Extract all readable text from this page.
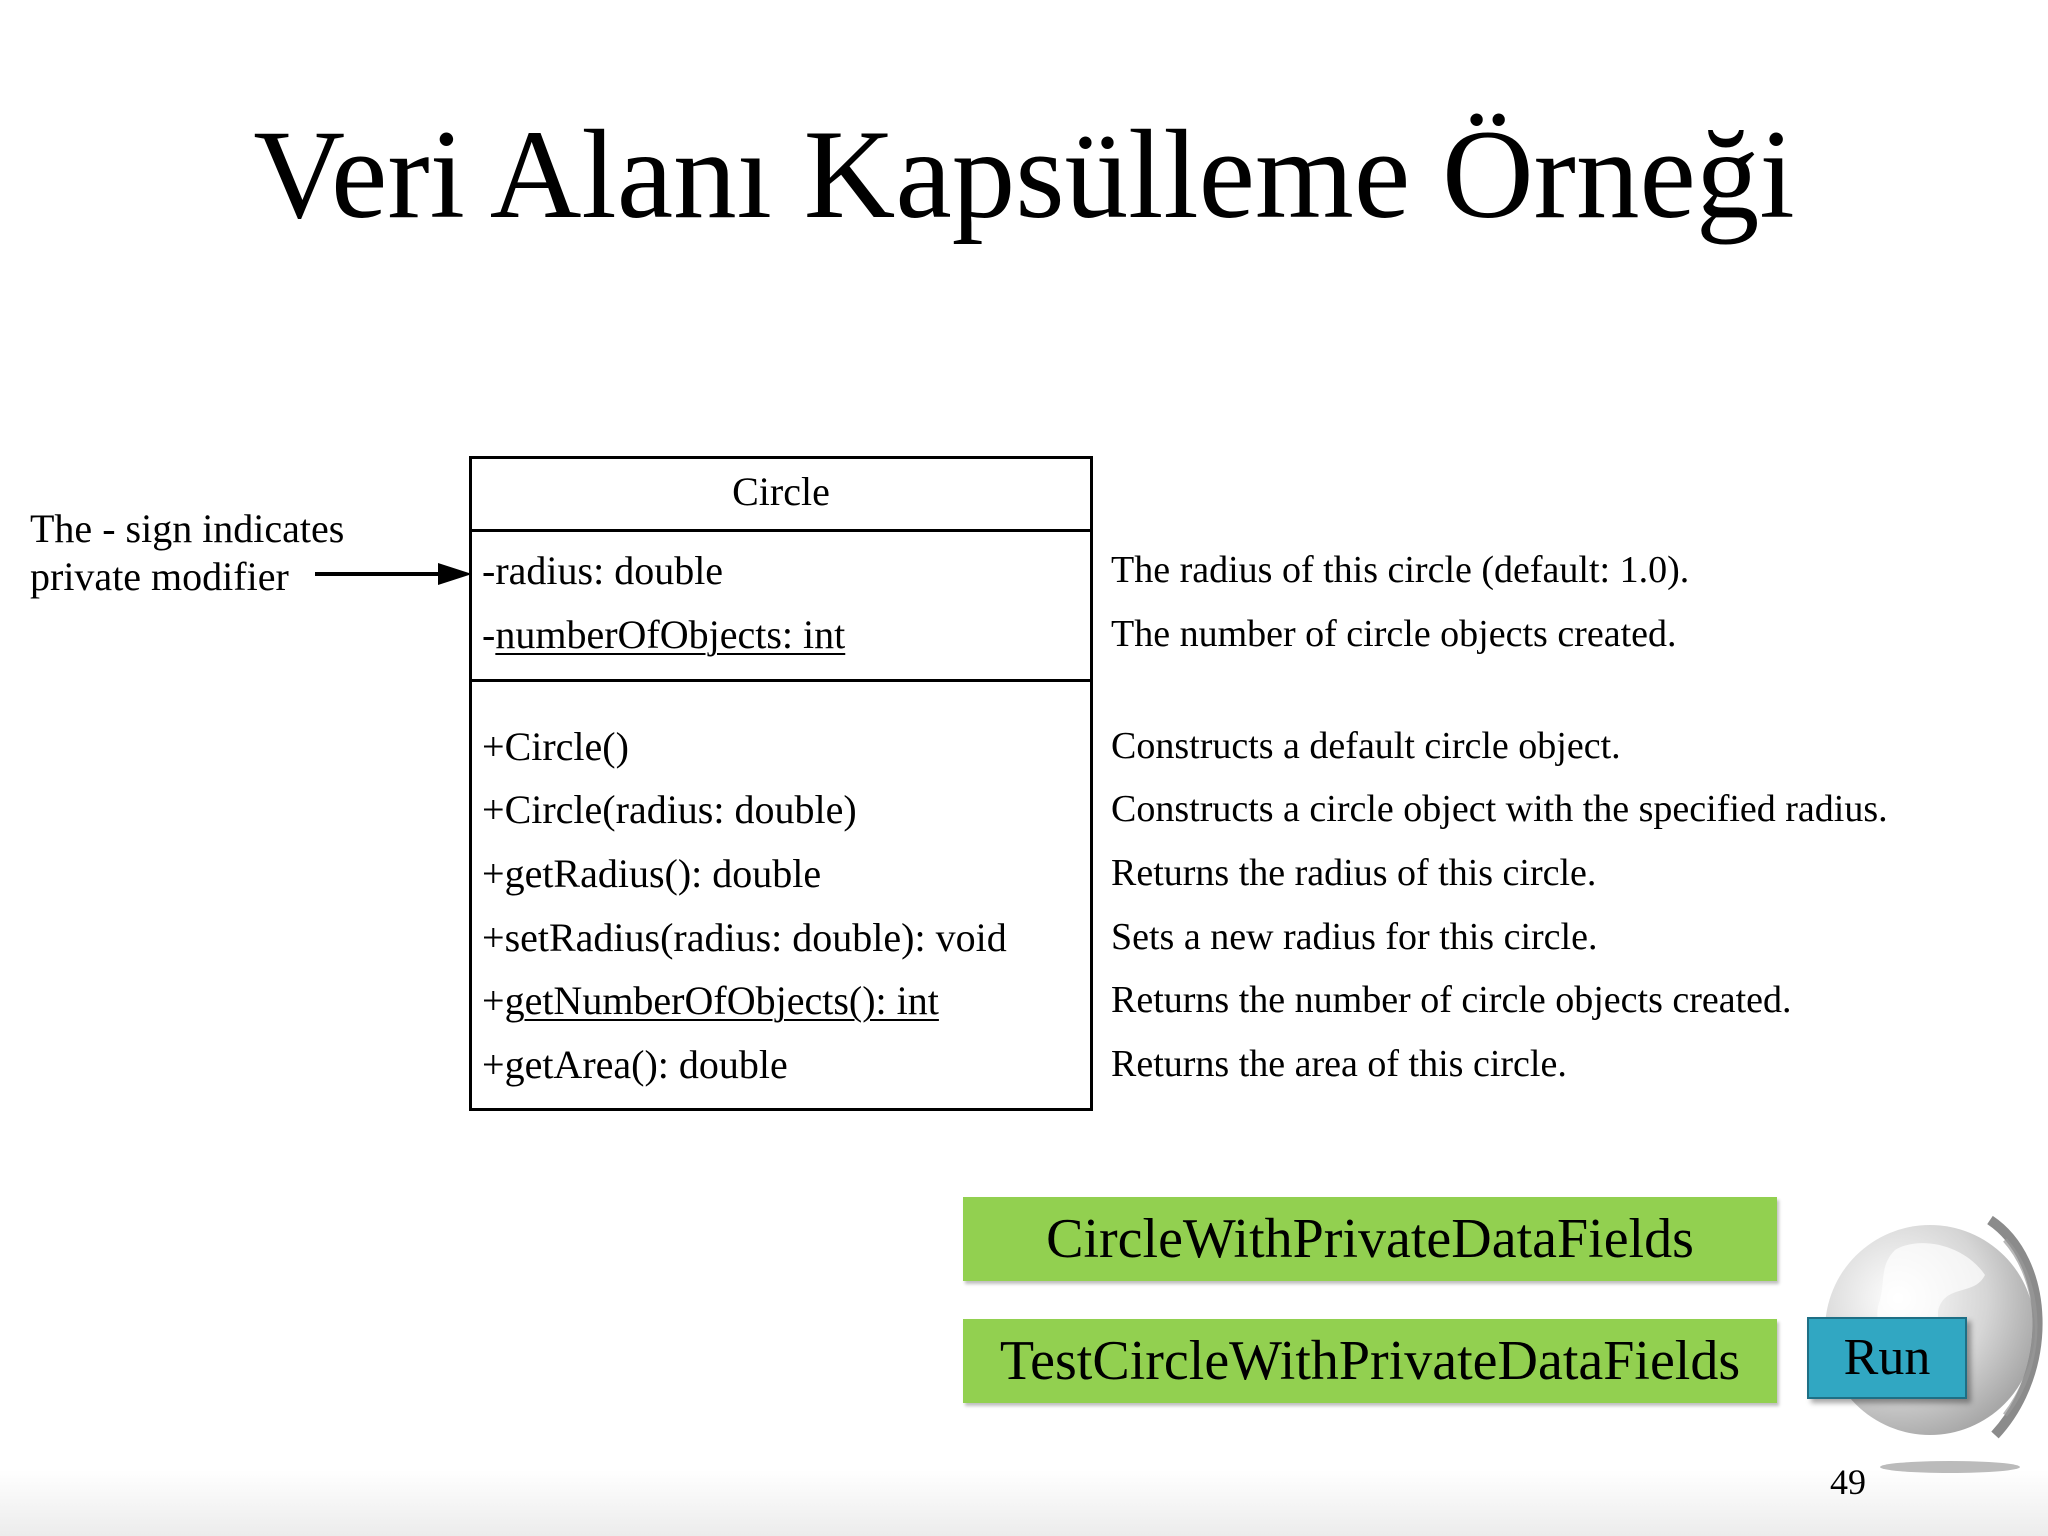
Veri Alanı Kapsülleme Örneği
The - sign indicates
private modifier
Circle
-radius: double
-numberOfObjects: int
+Circle()
+Circle(radius: double)
+getRadius(): double
+setRadius(radius: double): void
+getNumberOfObjects(): int
+getArea(): double
The radius of this circle (default: 1.0).
The number of circle objects created.
Constructs a default circle object.
Constructs a circle object with the specified radius.
Returns the radius of this circle.
Sets a new radius for this circle.
Returns the number of circle objects created.
Returns the area of this circle.
CircleWithPrivateDataFields
TestCircleWithPrivateDataFields	Run
49
